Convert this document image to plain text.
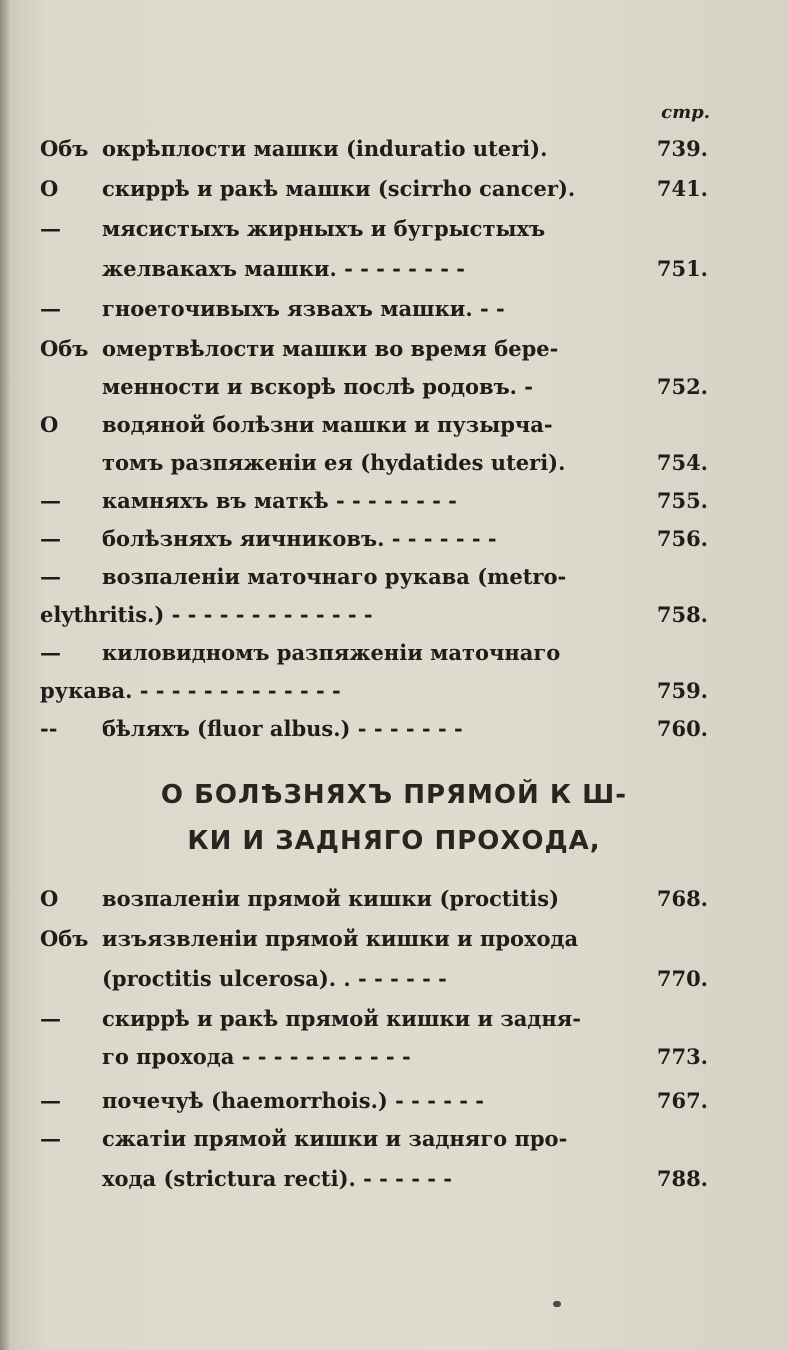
стр.
Объ окрѣплости машки (induratio uteri).	739.
О	скиррѣ и ракѣ машки (scirrho cancer).	741.
—	мясистыхъ жирныхъ и бугрыстыхъ
желвакахъ машки. - - - - - - - -	751.
—	гноеточивыхъ язвахъ машки. - -
Объ омертвѣлости машки во время бере-
менности и вскорѣ послѣ родовъ. -	752.
О	водяной болѣзни машки и пузырча-
томъ разпяженіи ея (hydatides uteri).	754.
—	камняхъ въ маткѣ - - - - - - - -	755.
—	болѣзняхъ яичниковъ. - - - - - - -	756.
—	возпаленіи маточнаго рукава (metro-
elythritis.) - - - - - - - - - - - - -	758.
—	киловидномъ разпяженіи маточнаго
рукава. - - - - - - - - - - - - -	759.
--	бѣляхъ (fluor albus.) - - - - - - -	760.
О БОЛѢЗНЯХЪ ПРЯМОЙ К Ш-
КИ И ЗАДНЯГО ПРОХОДА,
О	возпаленіи прямой кишки (proctitis)	768.
Объ изъязвленіи прямой кишки и прохода
(proctitis ulcerosa). . - - - - - -	770.
—	скиррѣ и ракѣ прямой кишки и задня-
го прохода - - - - - - - - - - -	773.
—	почечуѣ (haemorrhois.) - - - - - -	767.
—	сжатіи прямой кишки и задняго про-
хода (strictura recti). - - - - - -	788.
